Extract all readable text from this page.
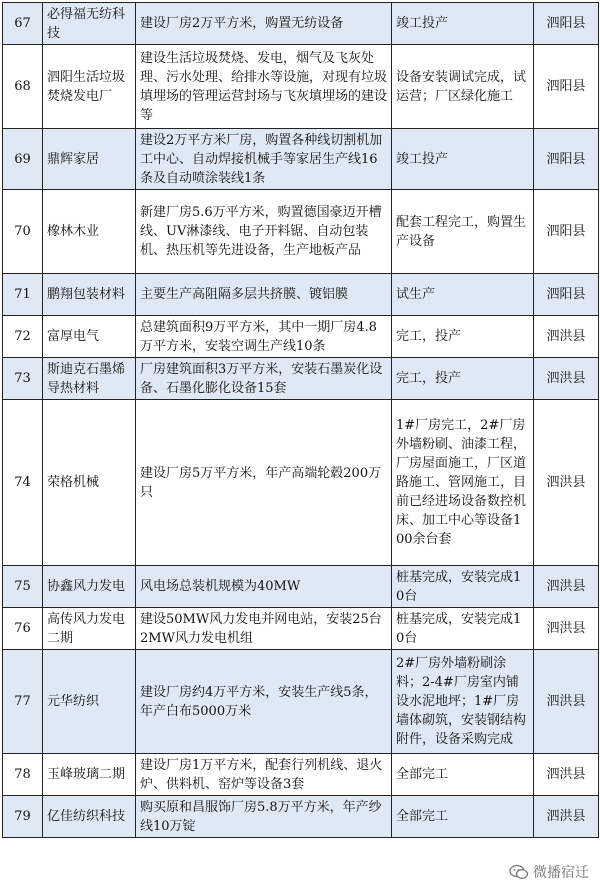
67	必得福无纺科技	建设厂房2万平方米，购置无纺设备	竣工投产	泗阳县
68	泗阳生活垃圾焚烧发电厂	建设生活垃圾焚烧、发电，烟气及飞灰处理、污水处理、给排水等设施，对现有垃圾填埋场的管理运营封场与飞灰填埋场的建设等	设备安装调试完成，试运营；厂区绿化施工	泗阳县
69	鼎辉家居	建设2万平方米厂房，购置各种线切割机加工中心、自动焊接机械手等家居生产线16条及自动喷涂装线1条	竣工投产	泗阳县
70	橡林木业	新建厂房5.6万平方米，购置德国豪迈开槽线、UV淋漆线、电子开料锯、自动包装机、热压机等先进设备，生产地板产品	配套工程完工，购置生产设备	泗阳县
71	鹏翔包装材料	主要生产高阻隔多层共挤膜、镀铝膜	试生产	泗阳县
72	富厚电气	总建筑面积9万平方米，其中一期厂房4.8万平方米，安装空调生产线10条	完工，投产	泗洪县
73	斯迪克石墨烯导热材料	厂房建筑面积3万平方米，安装石墨炭化设备、石墨化膨化设备15套	完工，投产	泗洪县
74	荣格机械	建设厂房5万平方米，年产高端轮毂200万只	1#厂房完工，2#厂房外墙粉刷、油漆工程，厂房屋面施工，厂区道路施工、管网施工，目前已经进场设备数控机床、加工中心等设备100余台套	泗洪县
75	协鑫风力发电	风电场总装机规模为40MW	桩基完成，安装完成10台	泗洪县
76	高传风力发电二期	建设50MW风力发电并网电站，安装25台2MW风力发电机组	桩基完成，安装完成10台	泗洪县
77	元华纺织	建设厂房约4万平方米，安装生产线5条，年产白布5000万米	2#厂房外墙粉刷涂料；2-4#厂房室内铺设水泥地坪；1#厂房墙体砌筑，安装钢结构附件，设备采购完成	泗洪县
78	玉峰玻璃二期	建设厂房1万平方米，配套行列机线、退火炉、供料机、窑炉等设备3套	全部完工	泗洪县
79	亿佳纺织科技	购买原和昌服饰厂房5.8万平方米，年产纱线10万锭	全部完工	泗洪县
微播宿迁
